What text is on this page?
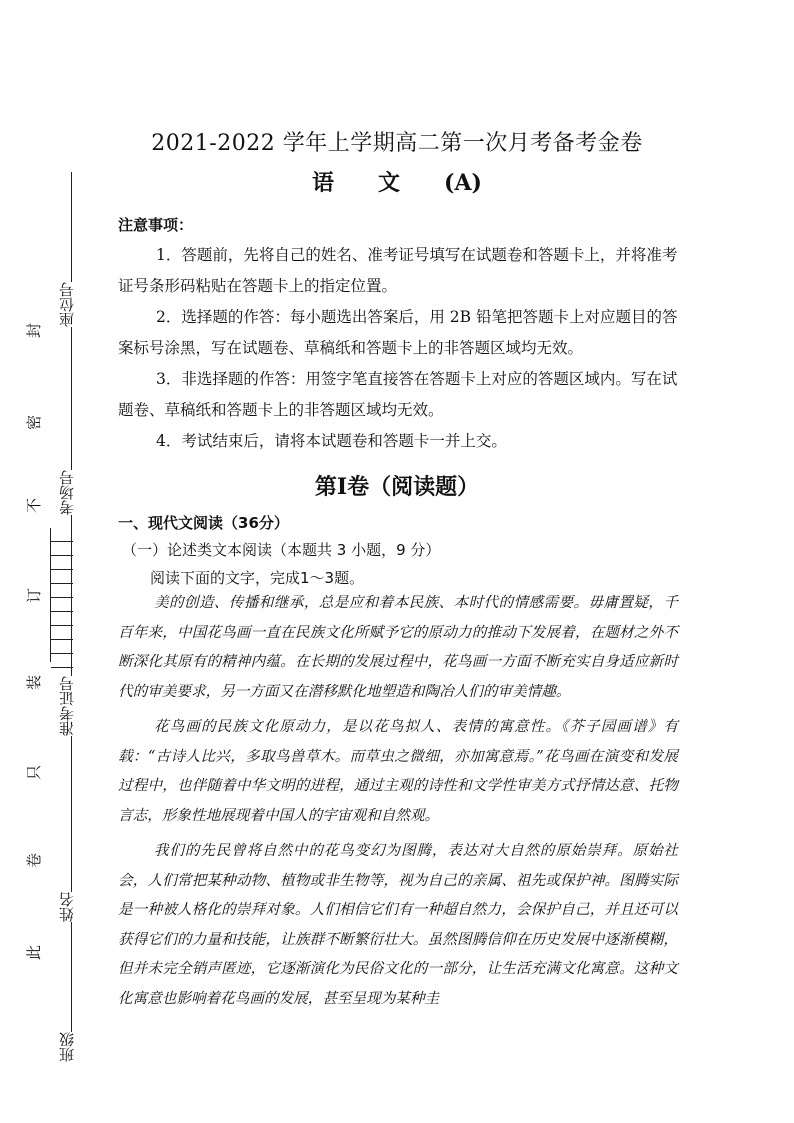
座位号
考场号
准考证号
姓名
班级
封
密
不
订
装
只
卷
此
2021-2022 学年上学期高二第一次月考备考金卷
语　　文　　(A)
注意事项：
1．答题前，先将自己的姓名、准考证号填写在试题卷和答题卡上，并将准考证号条形码粘贴在答题卡上的指定位置。
2．选择题的作答：每小题选出答案后，用 2B 铅笔把答题卡上对应题目的答案标号涂黑，写在试题卷、草稿纸和答题卡上的非答题区域均无效。
3．非选择题的作答：用签字笔直接答在答题卡上对应的答题区域内。写在试题卷、草稿纸和答题卡上的非答题区域均无效。
4．考试结束后，请将本试题卷和答题卡一并上交。
第Ⅰ卷（阅读题）
一、现代文阅读（36分）
（一）论述类文本阅读（本题共 3 小题，9 分）
阅读下面的文字，完成1～3题。

美的创造、传播和继承，总是应和着本民族、本时代的情感需要。毋庸置疑，千百年来，中国花鸟画一直在民族文化所赋予它的原动力的推动下发展着，在题材之外不断深化其原有的精神内蕴。在长期的发展过程中，花鸟画一方面不断充实自身适应新时代的审美要求，另一方面又在潜移默化地塑造和陶冶人们的审美情趣。

花鸟画的民族文化原动力，是以花鸟拟人、表情的寓意性。《芥子园画谱》有载：“古诗人比兴，多取鸟兽草木。而草虫之微细，亦加寓意焉。”花鸟画在演变和发展过程中，也伴随着中华文明的进程，通过主观的诗性和文学性审美方式抒情达意、托物言志，形象性地展现着中国人的宇宙观和自然观。

我们的先民曾将自然中的花鸟变幻为图腾，表达对大自然的原始崇拜。原始社会，人们常把某种动物、植物或非生物等，视为自己的亲属、祖先或保护神。图腾实际是一种被人格化的崇拜对象。人们相信它们有一种超自然力，会保护自己，并且还可以获得它们的力量和技能，让族群不断繁衍壮大。虽然图腾信仰在历史发展中逐渐模糊，但并未完全销声匿迹，它逐渐演化为民俗文化的一部分，让生活充满文化寓意。这种文化寓意也影响着花鸟画的发展，甚至呈现为某种圭
